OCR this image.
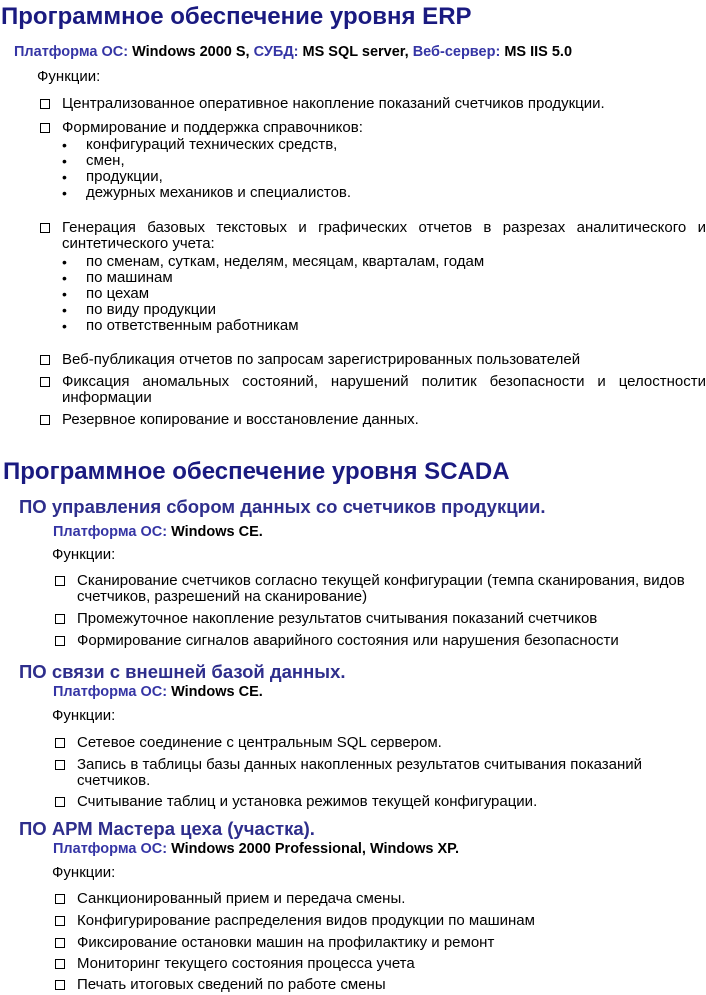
Программное обеспечение уровня ERP
Платформа ОС: Windows 2000 S, СУБД: MS SQL server, Веб-сервер: MS IIS 5.0
Функции:
Централизованное оперативное накопление показаний счетчиков продукции.
Формирование и поддержка справочников:
• конфигураций технических средств,
• смен,
• продукции,
• дежурных механиков и специалистов.
Генерация базовых текстовых и графических отчетов в разрезах аналитического и синтетического учета:
• по сменам, суткам, неделям, месяцам, кварталам, годам
• по машинам
• по цехам
• по виду продукции
• по ответственным работникам
Веб-публикация отчетов по запросам зарегистрированных пользователей
Фиксация аномальных состояний, нарушений политик безопасности и целостности информации
Резервное копирование и восстановление данных.
Программное обеспечение уровня SCADA
ПО управления сбором данных со счетчиков продукции.
Платформа ОС: Windows CE.
Функции:
Сканирование счетчиков согласно текущей конфигурации (темпа сканирования, видов счетчиков, разрешений на сканирование)
Промежуточное накопление результатов считывания показаний счетчиков
Формирование сигналов аварийного состояния или нарушения безопасности
ПО связи с внешней базой данных.
Платформа ОС: Windows CE.
Функции:
Сетевое соединение с центральным SQL сервером.
Запись в таблицы базы данных накопленных результатов считывания показаний счетчиков.
Считывание таблиц и установка режимов текущей конфигурации.
ПО АРМ Мастера цеха (участка).
Платформа ОС: Windows 2000 Professional, Windows XP.
Функции:
Санкционированный прием и передача смены.
Конфигурирование распределения видов продукции по машинам
Фиксирование остановки машин на профилактику и ремонт
Мониторинг текущего состояния процесса учета
Печать итоговых сведений по работе смены
